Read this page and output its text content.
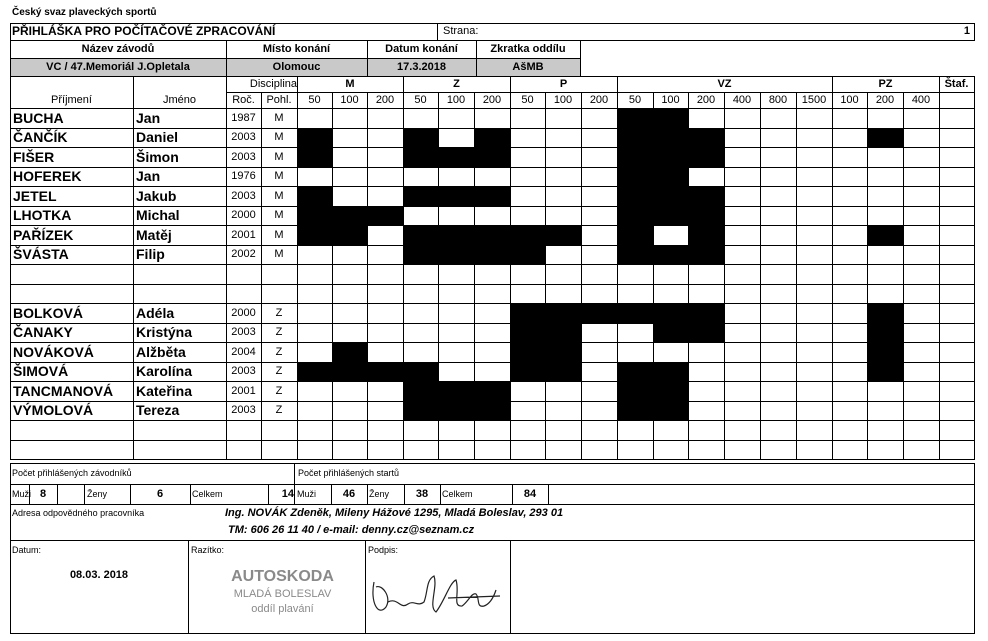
Český svaz plaveckých sportů
PŘIHLÁŠKA PRO POČÍTAČOVÉ ZPRACOVÁNÍ	Strana:	1
Název závodů	Místo konání	Datum konání	Zkratka oddílu
VC / 47.Memoriál J.Opletala	Olomouc	17.3.2018	AšMB
Disciplina
Příjmení	Jméno	Roč.	Pohl.
M
50	100	200
Z
50	100	200
P
50	100	200
VZ
50	100	200	400	800	1500
PZ
100	200	400
Štaf.
BUCHA	Jan	1987	M
ČANČÍK	Daniel	2003	M
FIŠER	Šimon	2003	M
HOFEREK	Jan	1976	M
JETEL	Jakub	2003	M
LHOTKA	Michal	2000	M
PAŘÍZEK	Matěj	2001	M
ŠVÁSTA	Filip	2002	M
BOLKOVÁ	Adéla	2000	Z
ČANAKY	Kristýna	2003	Z
NOVÁKOVÁ	Alžběta	2004	Z
ŠIMOVÁ	Karolína	2003	Z
TANCMANOVÁ	Kateřina	2001	Z
VÝMOLOVÁ	Tereza	2003	Z
Počet přihlášených závodníků	Počet přihlášených startů
Muži 8	Ženy	6	Celkem	14 Muži	46	Ženy	38	Celkem	84
Adresa odpovědného pracovníka	Ing. NOVÁK Zdeněk, Mileny Hážové 1295, Mladá Boleslav, 293 01
TM: 606 26 11 40 / e-mail: denny.cz@seznam.cz
Datum:
08.03. 2018
Razítko:	Podpis:
AUTOSKODA
MLADÁ BOLESLAV
oddíl plavání
